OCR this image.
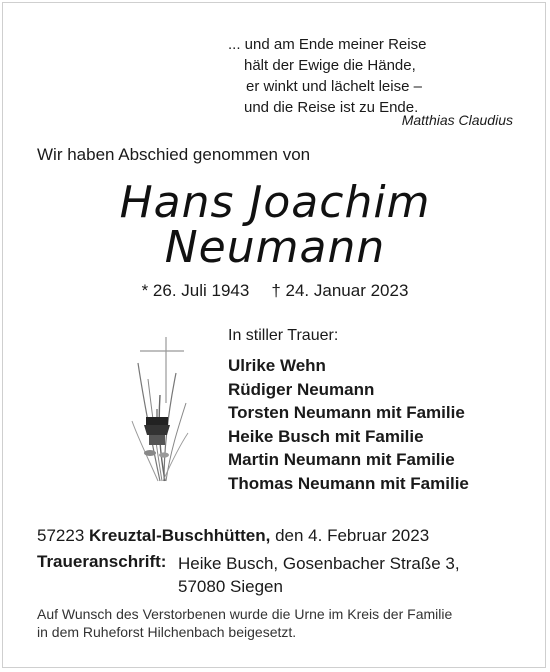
... und am Ende meiner Reise
hält der Ewige die Hände,
er winkt und lächelt leise –
und die Reise ist zu Ende.
Matthias Claudius
Wir haben Abschied genommen von
Hans Joachim
Neumann
* 26. Juli 1943 † 24. Januar 2023
In stiller Trauer:
Ulrike Wehn
Rüdiger Neumann
Torsten Neumann mit Familie
Heike Busch mit Familie
Martin Neumann mit Familie
Thomas Neumann mit Familie
57223 Kreuztal-Buschhütten, den 4. Februar 2023
Traueranschrift: Heike Busch, Gosenbacher Straße 3,
57080 Siegen
Auf Wunsch des Verstorbenen wurde die Urne im Kreis der Familie
in dem Ruheforst Hilchenbach beigesetzt.
